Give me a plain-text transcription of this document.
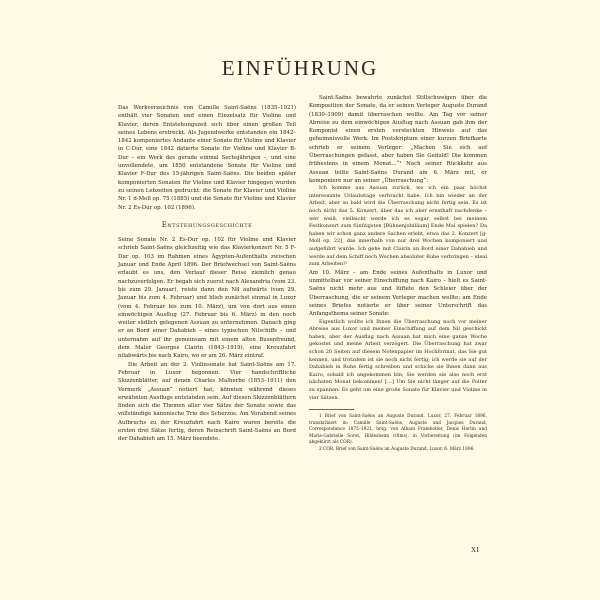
EINFÜHRUNG

Das Werkverzeichnis von Camille Saint-Saëns (1835–1921) enthält vier Sonaten und einen Einzelsatz für Violine und Klavier, deren Entstehungszeit sich über einen großen Teil seines Lebens erstreckt. Als Jugendwerke entstanden ein 1842–1842 komponiertes Andante einer Sonate für Violine und Klavier in C-Dur, eine 1842 datierte Sonate für Violine und Klavier B-Dur – ein Werk des gerade einmal Sechsjährigen –, und eine unvollendete, um 1850 entstandene Sonate für Violine und Klavier F-Dur des 15-jährigen Saint-Saëns. Die beiden später komponierten Sonaten für Violine und Klavier hingegen wurden zu seinen Lebzeiten gedruckt: die Sonate für Klavier und Violine Nr. 1 d-Moll op. 75 (1885) und die Sonate für Violine und Klavier Nr. 2 Es-Dur op. 102 (1896).

Entstehungsgeschichte

Seine Sonate Nr. 2 Es-Dur op. 102 für Violine und Klavier schrieb Saint-Saëns gleichzeitig wie das Klavierkonzert Nr. 5 F-Dur op. 103 im Rahmen eines Ägypten-Aufenthalts zwischen Januar und Ende April 1896. Der Briefwechsel von Saint-Saëns erlaubt es uns, den Verlauf dieser Reise ziemlich genau nachzuverfolgen. Er begab sich zuerst nach Alexandria (vom 23. bis zum 29. Januar), reiste dann den Nil aufwärts (vom 29. Januar bis zum 4. Februar) und blieb zunächst einmal in Luxor (vom 4. Februar bis zum 10. März), um von dort aus einen einwöchigen Ausflug (27. Februar bis 6. März) in den noch weiter südlich gelegenen Assuan zu unternehmen. Danach ging er an Bord einer Dahabieh – eines typischen Nilschiffs – und unternahm auf ihr gemeinsam mit einem alten Busenfreund, dem Maler Georges Clairin (1843–1919), eine Kreuzfahrt nilabwärts bis nach Kairo, wo er am 26. März eintraf.

Die Arbeit an der 2. Violinsonate hat Saint-Saëns am 17. Februar in Luxor begonnen. Vier handschriftliche Skizzenblätter, auf denen Charles Malherbe (1853–1911) den Vermerk „Assuan“ notiert hat, könnten während dieses erwähnten Ausflugs entstanden sein. Auf diesen Skizzenblättern finden sich die Themen aller vier Sätze der Sonate sowie das vollständige kanonische Trio des Scherzos. Am Vorabend seines Aufbruchs zu der Kreuzfahrt nach Kairo waren bereits die ersten drei Sätze fertig, deren Reinschrift Saint-Saëns an Bord der Dahabieh am 15. März beendete.

Saint-Saëns bewahrte zunächst Stillschweigen über die Komposition der Sonate, da er seinen Verleger Auguste Durand (1830–1909) damit überraschen wollte. Am Tag vor seiner Abreise zu dem einwöchigen Ausflug nach Assuan gab ihm der Komponist einen ersten versteckten Hinweis auf das geheimnisvolle Werk. Im Postskriptum einer kurzen Briefkarte schrieb er seinem Verleger: „Machen Sie sich auf Überraschungen gefasst, aber haben Sie Geduld! Die kommen frühestens in einem Monat…“¹ Nach seiner Rückkehr aus Assuan teilte Saint-Saëns Durand am 6. März mit, er komponiere nur an seiner „Überraschung“:

Ich komme aus Assuan zurück, wo ich ein paar höchst interessante Urlaubstage verbracht habe. Ich bin wieder an der Arbeit, aber so bald wird die Überraschung nicht fertig sein. Es ist noch nicht das 5. Konzert, über das ich aber ernsthaft nachdenke – wer weiß, vielleicht werde ich es sogar selbst bei meinem Festkonzert zum fünfzigsten [Bühnenjubiläum] Ende Mai spielen? Da haben wir schon ganz andere Sachen erlebt, etwa das 2. Konzert [g-Moll op. 22], das innerhalb von nur drei Wochen komponiert und aufgeführt wurde. Ich gehe mit Clairin an Bord einer Dahabieh und werde auf dem Schiff noch Wochen absoluter Ruhe verbringen – ideal zum Arbeiten!²

Am 10. März – am Ende seines Aufenthalts in Luxor und unmittelbar vor seiner Einschiffung nach Kairo – hielt es Saint-Saëns nicht mehr aus und lüftete den Schleier über der Überraschung, die er seinem Verleger machen wollte; am Ende seines Briefes notierte er über seiner Unterschrift das Anfangsthema seiner Sonate:

Eigentlich wollte ich Ihnen die Überraschung noch vor meiner Abreise aus Luxor und meiner Einschiffung auf dem Nil geschickt haben, aber der Ausflug nach Assuan hat mich eine ganze Woche gekostet und meine Arbeit verzögert. Die Überraschung hat zwar schon 20 Seiten auf diesem Notenpapier im Hochformat, das Sie gut kennen, und trotzdem ist sie noch nicht fertig; ich werde sie auf der Dahabieh in Ruhe fertig schreiben und schicke sie Ihnen dann aus Kairo, sobald ich angekommen bin; Sie werden sie also noch erst nächsten Monat bekommen! […] Um Sie nicht länger auf die Folter zu spannen: Es geht um eine große Sonate für Klavier und Violine in vier Sätzen.

1 Brief von Saint-Saëns an Auguste Durand, Luxor, 27. Februar 1896, transkribiert in: Camille Saint-Saëns, Auguste und Jacques Durand, Correspondance 1875–1921, hrsg. von Albain Frambotier, Denis Herlin und Marie-Gabrielle Soret, Hildesheim (Olms), in Vorbereitung (im Folgenden abgekürzt als COR).

2 COR, Brief von Saint-Saëns an Auguste Durand, Luxor, 6. März 1896.

XI
